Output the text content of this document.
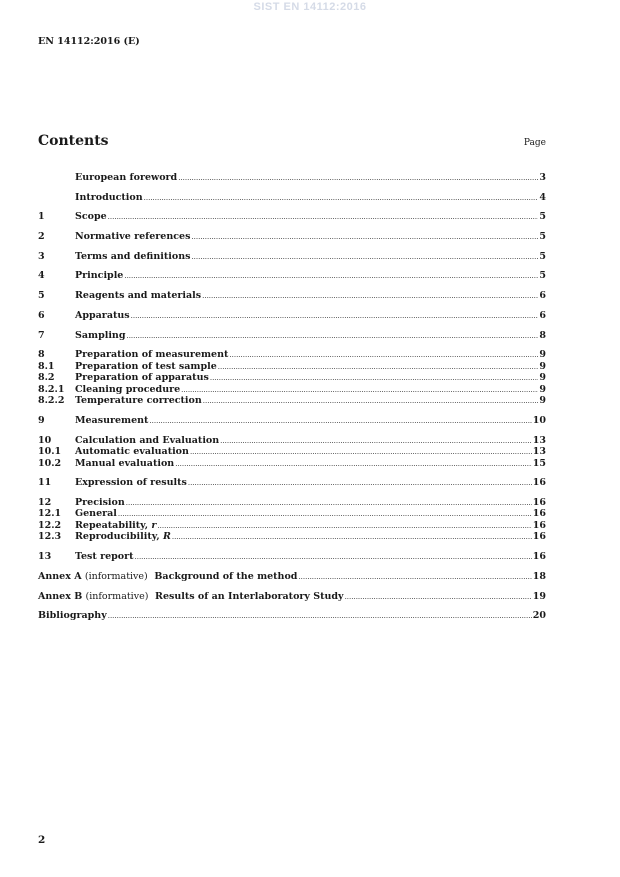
SIST EN 14112:2016
EN 14112:2016 (E)
Contents	Page
European foreword .....	3
Introduction .....	4
1	Scope .....	5
2	Normative references .....	5
3	Terms and definitions .....	5
4	Principle .....	5
5	Reagents and materials .....	6
6	Apparatus .....	6
7	Sampling .....	8
8	Preparation of measurement .....	9
8.1	Preparation of test sample .....	9
8.2	Preparation of apparatus .....	9
8.2.1	Cleaning procedure .....	9
8.2.2	Temperature correction .....	9
9	Measurement .....	10
10	Calculation and Evaluation .....	13
10.1	Automatic evaluation .....	13
10.2	Manual evaluation .....	15
11	Expression of results .....	16
12	Precision .....	16
12.1	General .....	16
12.2	Repeatability, r .....	16
12.3	Reproducibility, R .....	16
13	Test report .....	16
Annex A (informative) Background of the method .....	18
Annex B (informative) Results of an Interlaboratory Study .....	19
Bibliography .....	20
2
